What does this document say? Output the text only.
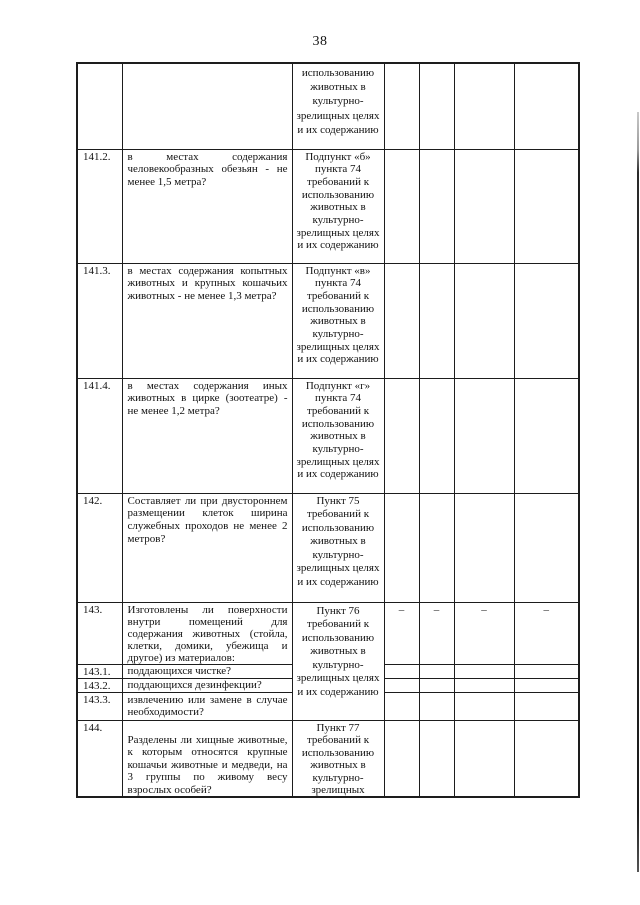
38
		использованию животных в культурно-зрелищных целях и их содержанию				
141.2.	в местах содержания человекообразных обезьян - не менее 1,5 метра?	Подпункт «б» пункта 74 требований к использованию животных в культурно-зрелищных целях и их содержанию				
141.3.	в местах содержания копытных животных и крупных кошачьих животных - не менее 1,3 метра?	Подпункт «в» пункта 74 требований к использованию животных в культурно-зрелищных целях и их содержанию				
141.4.	в местах содержания иных животных в цирке (зоотеатре) - не менее 1,2 метра?	Подпункт «г» пункта 74 требований к использованию животных в культурно-зрелищных целях и их содержанию				
142.	Составляет ли при двустороннем размещении клеток ширина служебных проходов не менее 2 метров?	Пункт 75 требований к использованию животных в культурно-зрелищных целях и их содержанию				
143.	Изготовлены ли поверхности внутри помещений для содержания животных (стойла, клетки, домики, убежища и другое) из материалов:	Пункт 76 требований к использованию животных в культурно-зрелищных целях и их содержанию	–	–	–	–
143.1.	поддающихся чистке?					
143.2.	поддающихся дезинфекции?					
143.3.	извлечению или замене в случае необходимости?					
144.	Разделены ли хищные животные, к которым относятся крупные кошачьи животные и медведи, на 3 группы по живому весу взрослых особей?	Пункт 77 требований к использованию животных в культурно-зрелищных				
